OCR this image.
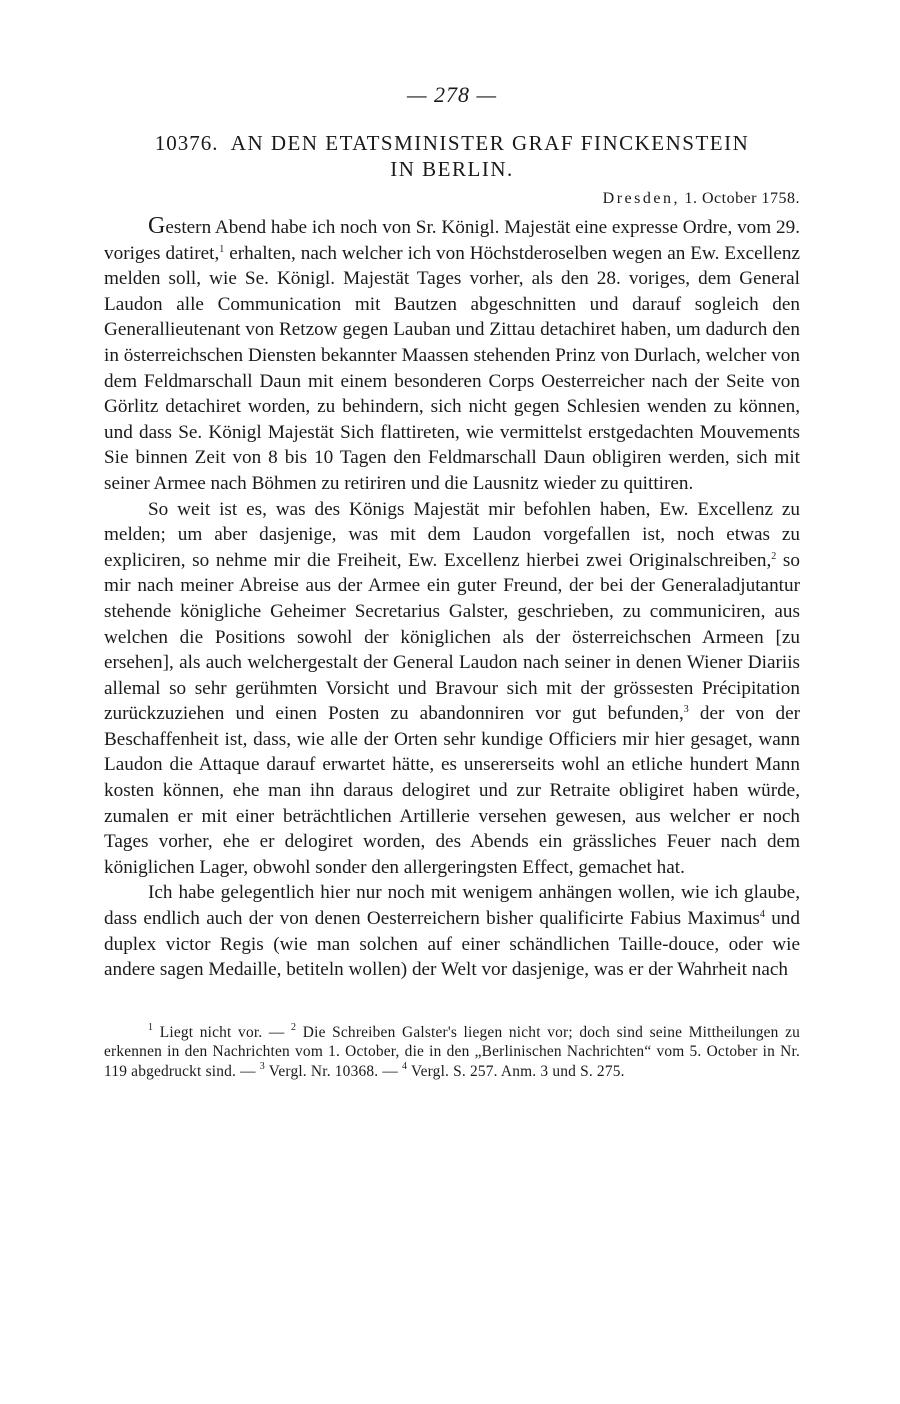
— 278 —
10376. AN DEN ETATSMINISTER GRAF FINCKENSTEIN
IN BERLIN.
Dresden, 1. October 1758.

Gestern Abend habe ich noch von Sr. Königl. Majestät eine expresse Ordre, vom 29. voriges datiret,$^1$ erhalten, nach welcher ich von Höchstderoselben wegen an Ew. Excellenz melden soll, wie Se. Königl. Majestät Tages vorher, als den 28. voriges, dem General Laudon alle Communication mit Bautzen abgeschnitten und darauf sogleich den Generallieutenant von Retzow gegen Lauban und Zittau detachiret haben, um dadurch den in österreichschen Diensten bekannter Maassen stehenden Prinz von Durlach, welcher von dem Feldmarschall Daun mit einem besonderen Corps Oesterreicher nach der Seite von Görlitz detachiret worden, zu behindern, sich nicht gegen Schlesien wenden zu können, und dass Se. Königl Majestät Sich flattireten, wie vermittelst erstgedachten Mouvements Sie binnen Zeit von 8 bis 10 Tagen den Feldmarschall Daun obligiren werden, sich mit seiner Armee nach Böhmen zu retiriren und die Lausnitz wieder zu quittiren.

So weit ist es, was des Königs Majestät mir befohlen haben, Ew. Excellenz zu melden; um aber dasjenige, was mit dem Laudon vorgefallen ist, noch etwas zu expliciren, so nehme mir die Freiheit, Ew. Excellenz hierbei zwei Originalschreiben,$^2$ so mir nach meiner Abreise aus der Armee ein guter Freund, der bei der Generaladjutantur stehende königliche Geheimer Secretarius Galster, geschrieben, zu communiciren, aus welchen die Positions sowohl der königlichen als der österreichschen Armeen [zu ersehen], als auch welchergestalt der General Laudon nach seiner in denen Wiener Diariis allemal so sehr gerühmten Vorsicht und Bravour sich mit der grössesten Précipitation zurückzuziehen und einen Posten zu abandonniren vor gut befunden,$^3$ der von der Beschaffenheit ist, dass, wie alle der Orten sehr kundige Officiers mir hier gesaget, wann Laudon die Attaque darauf erwartet hätte, es unsererseits wohl an etliche hundert Mann kosten können, ehe man ihn daraus delogiret und zur Retraite obligiret haben würde, zumalen er mit einer beträchtlichen Artillerie versehen gewesen, aus welcher er noch Tages vorher, ehe er delogiret worden, des Abends ein grässliches Feuer nach dem königlichen Lager, obwohl sonder den allergeringsten Effect, gemachet hat.

Ich habe gelegentlich hier nur noch mit wenigem anhängen wollen, wie ich glaube, dass endlich auch der von denen Oesterreichern bisher qualificirte Fabius Maximus$^4$ und duplex victor Regis (wie man solchen auf einer schändlichen Taille-douce, oder wie andere sagen Medaille, betiteln wollen) der Welt vor dasjenige, was er der Wahrheit nach

$^1$ Liegt nicht vor. — $^2$ Die Schreiben Galster's liegen nicht vor; doch sind seine Mittheilungen zu erkennen in den Nachrichten vom 1. October, die in den „Berlinischen Nachrichten“ vom 5. October in Nr. 119 abgedruckt sind. — $^3$ Vergl. Nr. 10368. — $^4$ Vergl. S. 257. Anm. 3 und S. 275.
